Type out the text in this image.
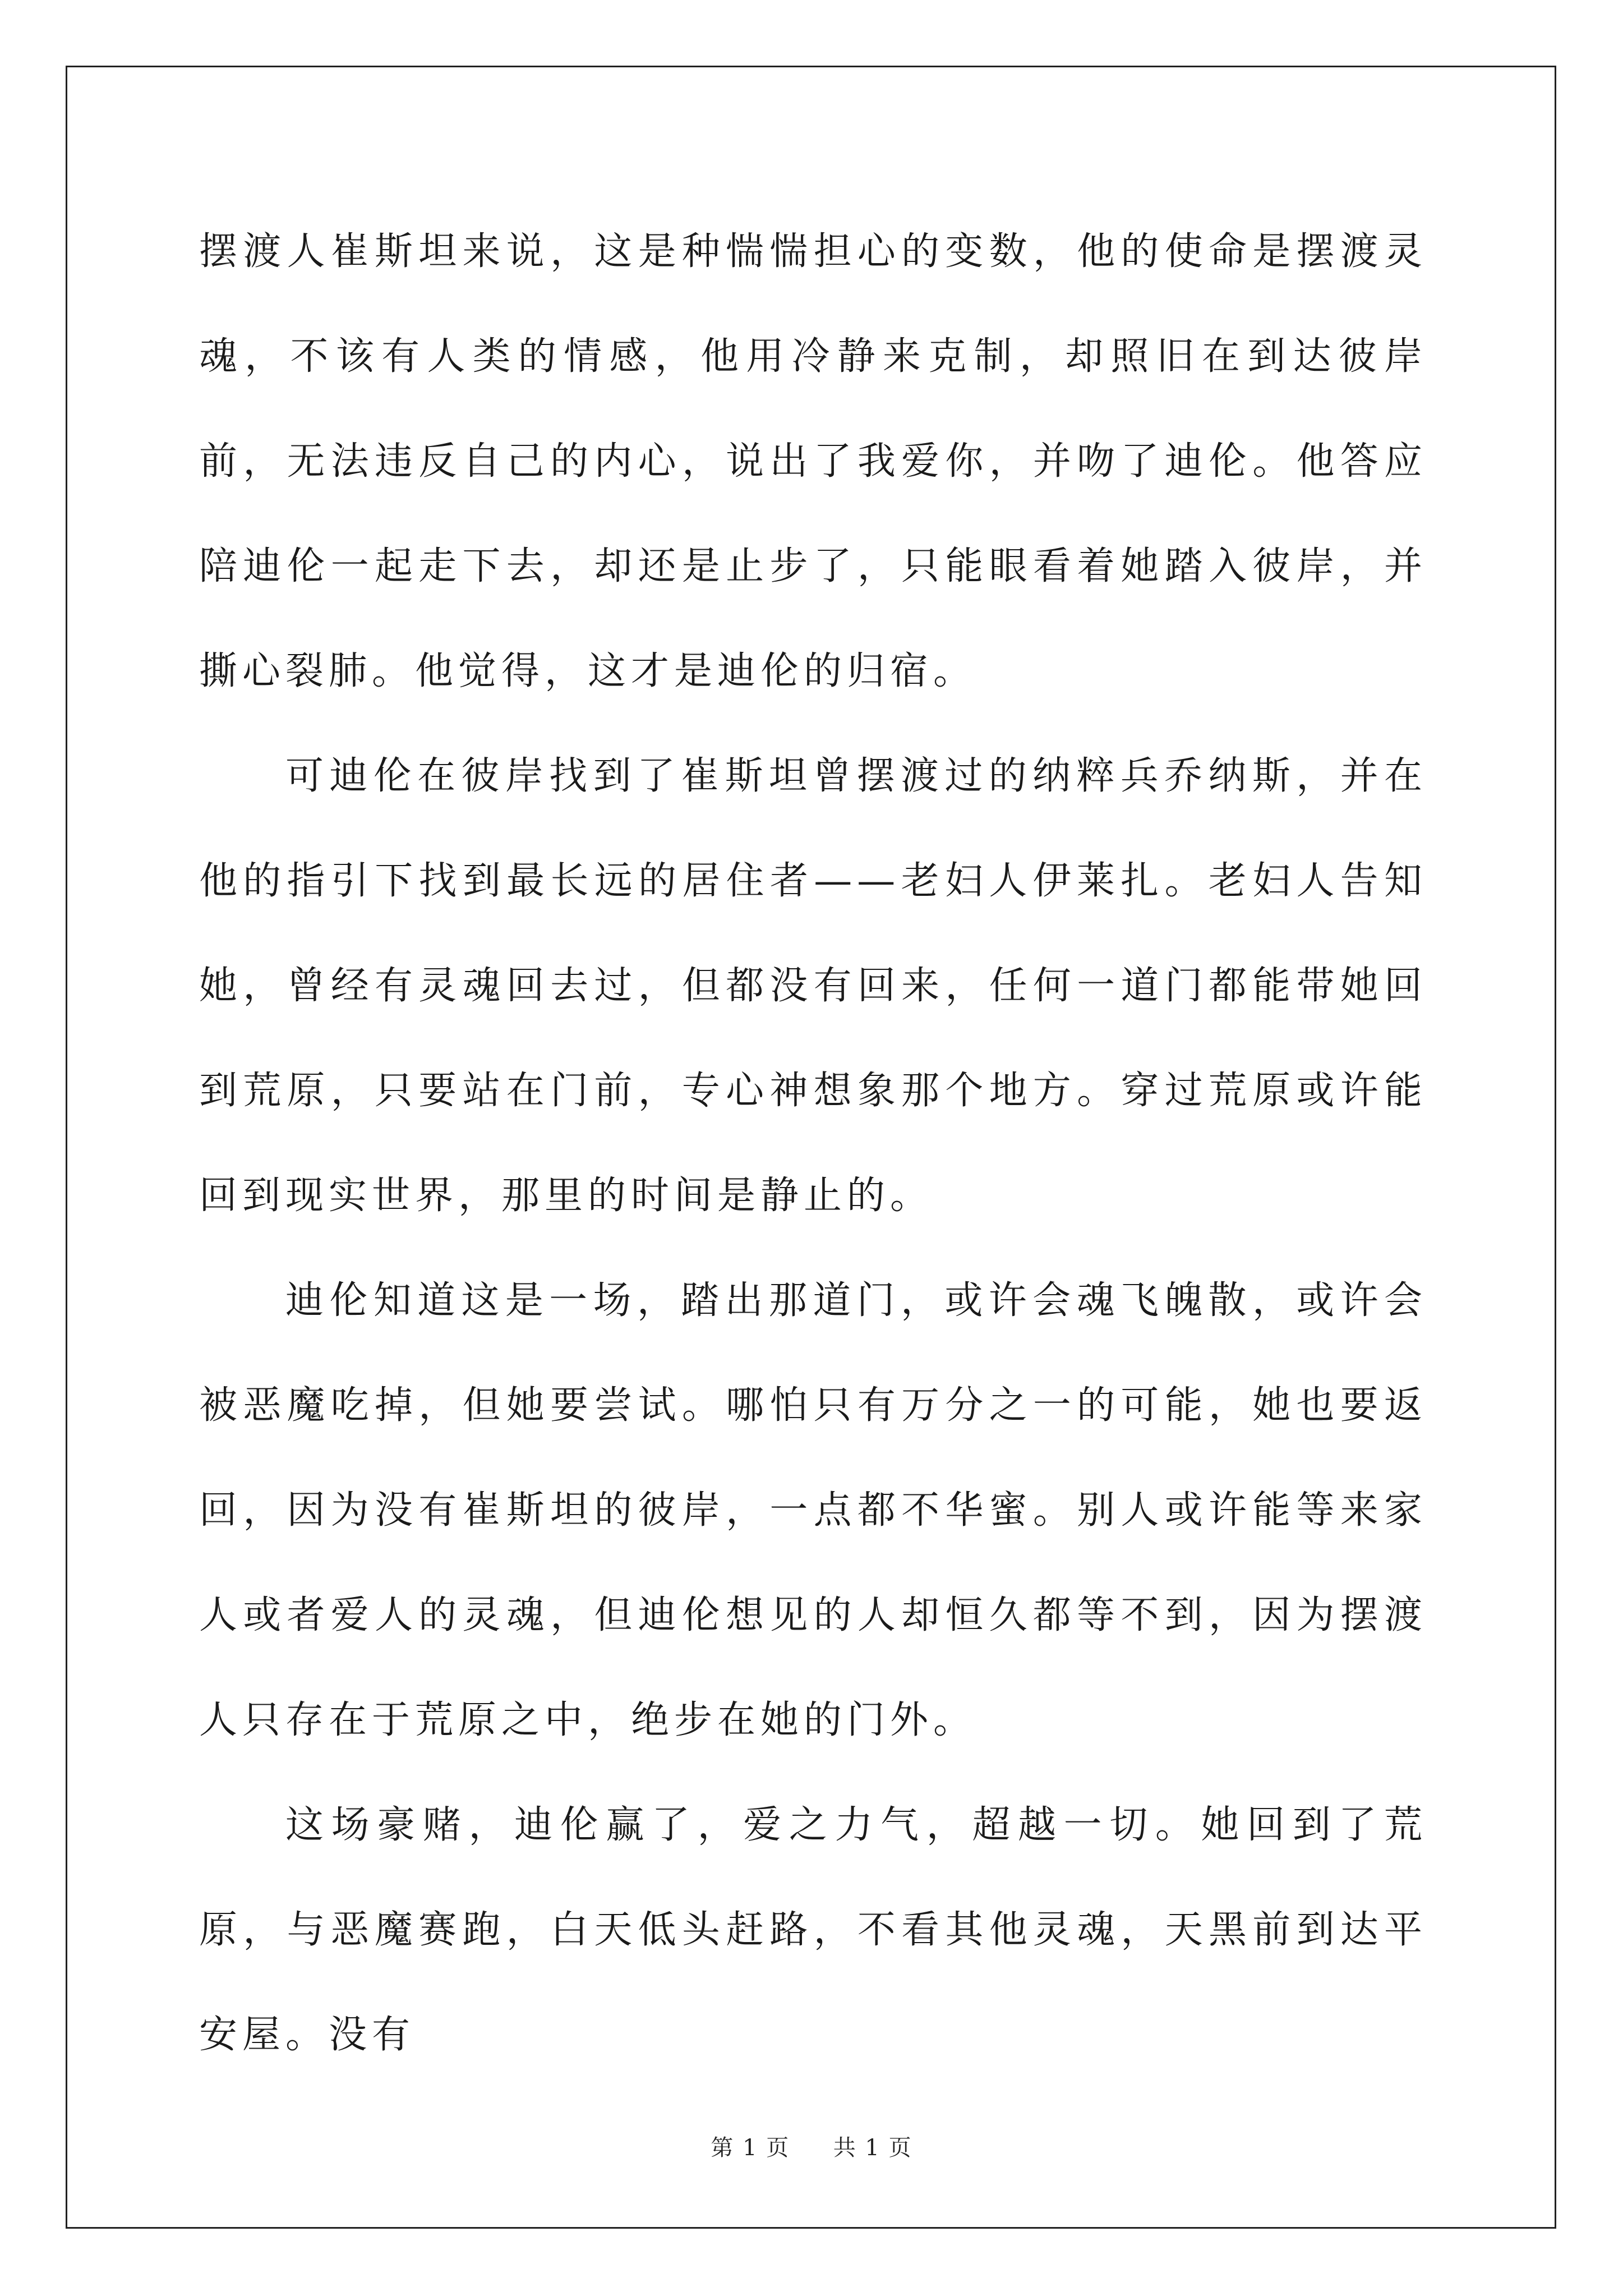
摆渡人崔斯坦来说，这是种惴惴担心的变数，他的使命是摆渡灵魂，不该有人类的情感，他用冷静来克制，却照旧在到达彼岸前，无法违反自己的内心，说出了我爱你，并吻了迪伦。他答应陪迪伦一起走下去，却还是止步了，只能眼看着她踏入彼岸，并撕心裂肺。他觉得，这才是迪伦的归宿。

可迪伦在彼岸找到了崔斯坦曾摆渡过的纳粹兵乔纳斯，并在他的指引下找到最长远的居住者——老妇人伊莱扎。老妇人告知她，曾经有灵魂回去过，但都没有回来，任何一道门都能带她回到荒原，只要站在门前，专心神想象那个地方。穿过荒原或许能回到现实世界，那里的时间是静止的。

迪伦知道这是一场，踏出那道门，或许会魂飞魄散，或许会被恶魔吃掉，但她要尝试。哪怕只有万分之一的可能，她也要返回，因为没有崔斯坦的彼岸，一点都不华蜜。别人或许能等来家人或者爱人的灵魂，但迪伦想见的人却恒久都等不到，因为摆渡人只存在于荒原之中，绝步在她的门外。

这场豪赌，迪伦赢了，爱之力气，超越一切。她回到了荒原，与恶魔赛跑，白天低头赶路，不看其他灵魂，天黑前到达平安屋。没有

第 1 页 共 1 页
